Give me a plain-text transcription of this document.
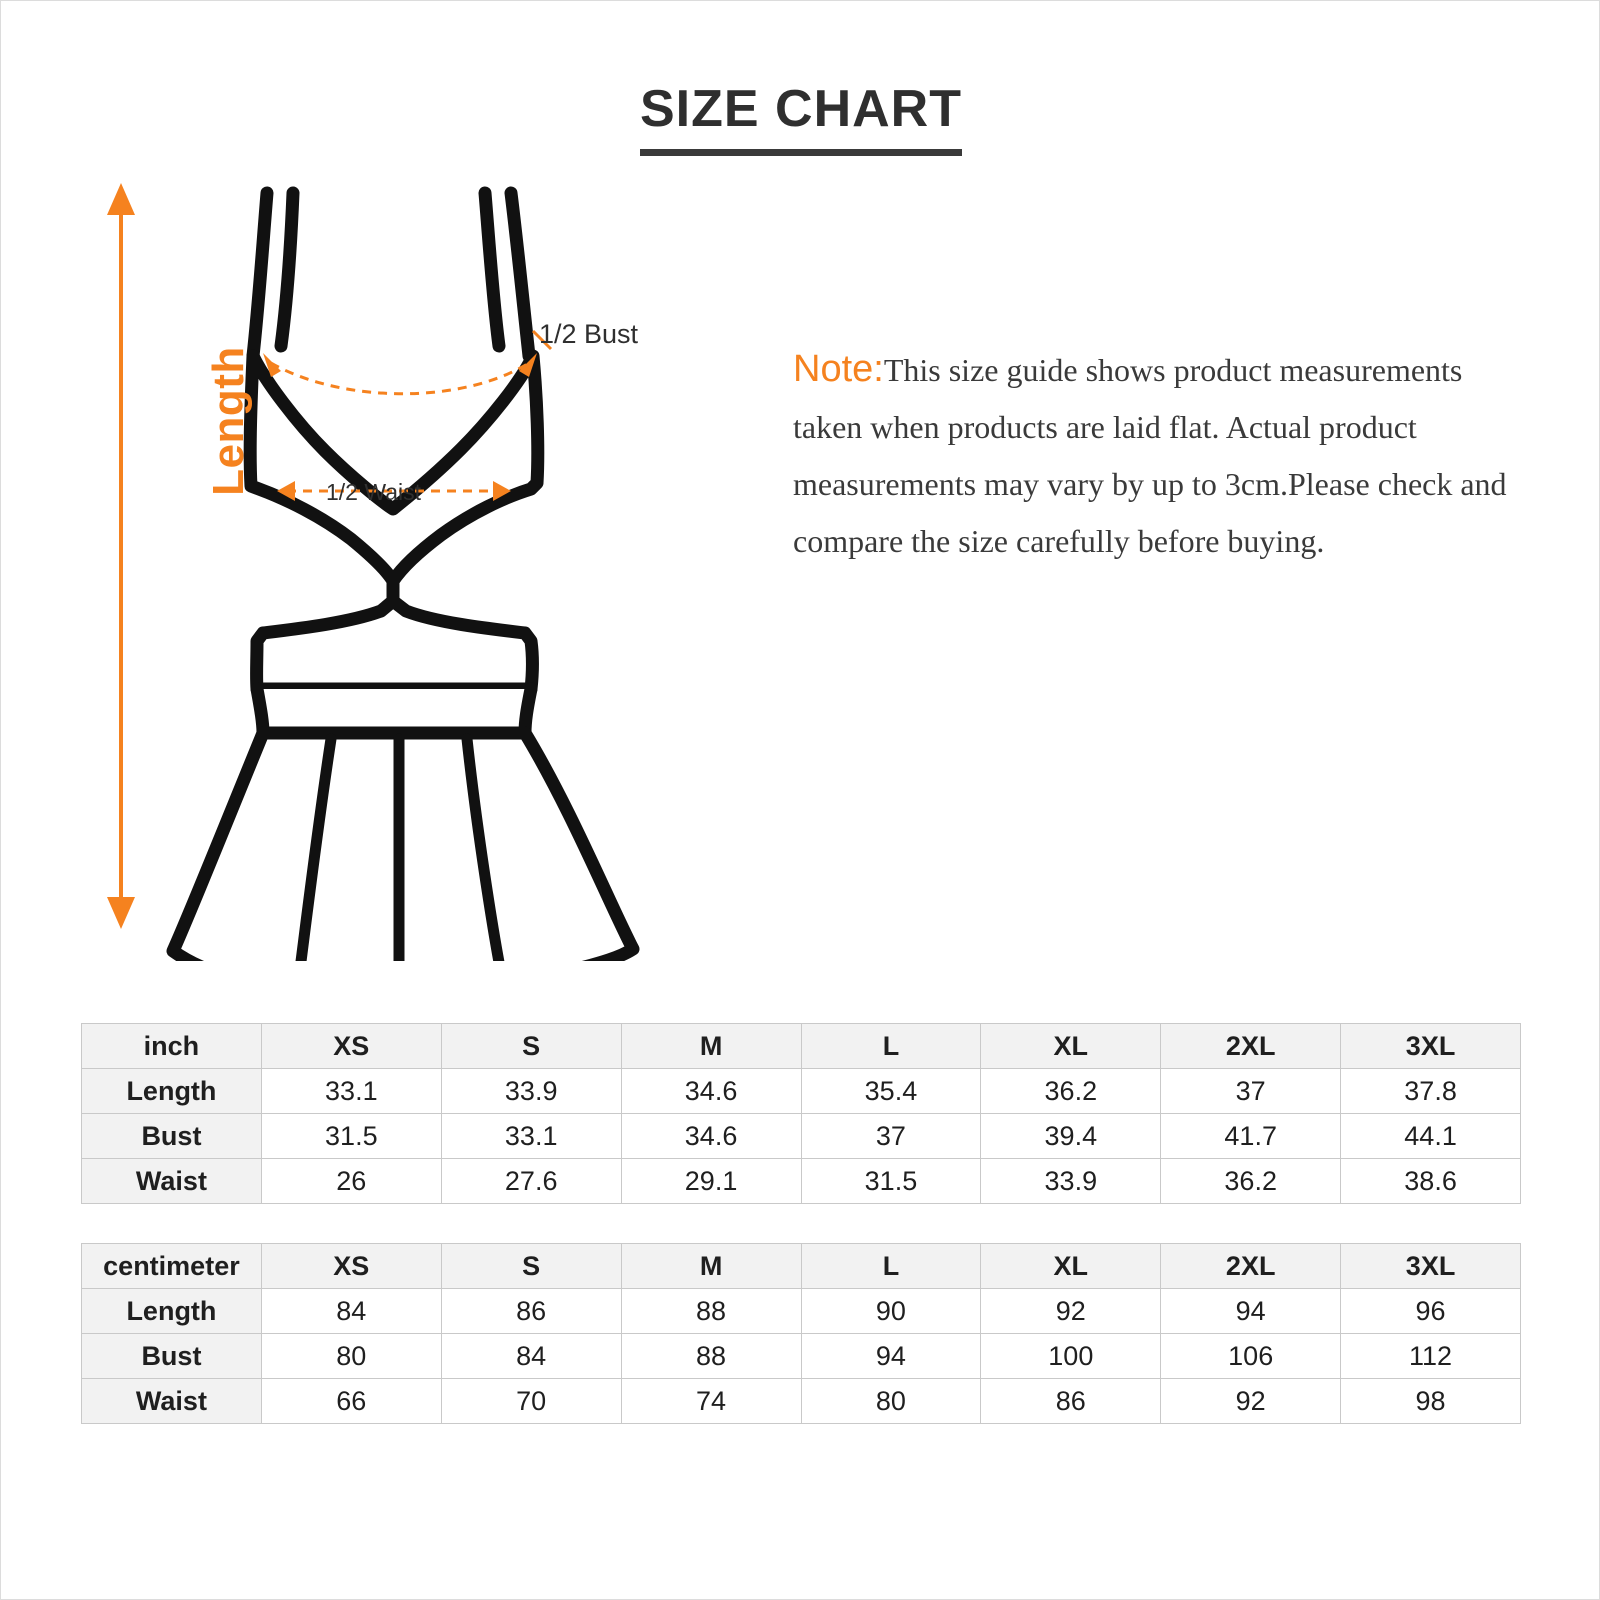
SIZE CHART
Length
1/2 Bust
1/2 Waist
Note:This size guide shows product measurements taken when products are laid flat. Actual product measurements may vary by up to 3cm.Please check and compare the size carefully before buying.
inch	XS	S	M	L	XL	2XL	3XL
Length	33.1	33.9	34.6	35.4	36.2	37	37.8
Bust	31.5	33.1	34.6	37	39.4	41.7	44.1
Waist	26	27.6	29.1	31.5	33.9	36.2	38.6
centimeter	XS	S	M	L	XL	2XL	3XL
Length	84	86	88	90	92	94	96
Bust	80	84	88	94	100	106	112
Waist	66	70	74	80	86	92	98
